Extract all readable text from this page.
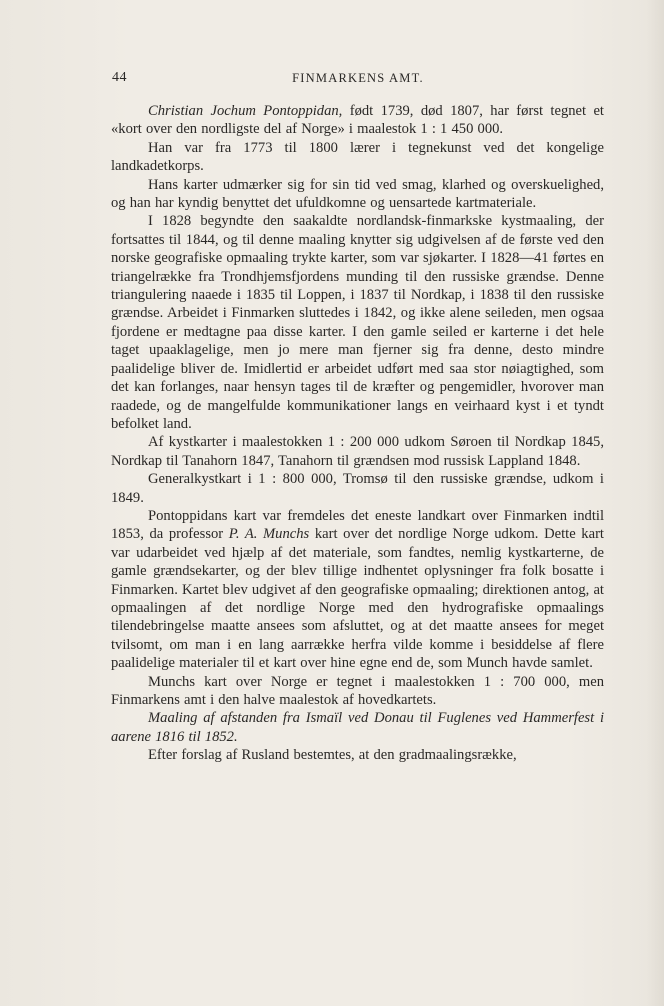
44	FINMARKENS AMT.

Christian Jochum Pontoppidan, født 1739, død 1807, har først tegnet et «kort over den nordligste del af Norge» i maalestok 1 : 1 450 000.

Han var fra 1773 til 1800 lærer i tegnekunst ved det kongelige landkadetkorps.

Hans karter udmærker sig for sin tid ved smag, klarhed og overskuelighed, og han har kyndig benyttet det ufuldkomne og uensartede kartmateriale.

I 1828 begyndte den saakaldte nordlandsk-finmarkske kystmaaling, der fortsattes til 1844, og til denne maaling knytter sig udgivelsen af de første ved den norske geografiske opmaaling trykte karter, som var sjøkarter. I 1828—41 førtes en triangelrække fra Trondhjemsfjordens munding til den russiske grændse. Denne triangulering naaede i 1835 til Loppen, i 1837 til Nordkap, i 1838 til den russiske grændse. Arbeidet i Finmarken sluttedes i 1842, og ikke alene seileden, men ogsaa fjordene er medtagne paa disse karter. I den gamle seiled er karterne i det hele taget upaaklagelige, men jo mere man fjerner sig fra denne, desto mindre paalidelige bliver de. Imidlertid er arbeidet udført med saa stor nøiagtighed, som det kan forlanges, naar hensyn tages til de kræfter og pengemidler, hvorover man raadede, og de mangelfulde kommunikationer langs en veirhaard kyst i et tyndt befolket land.

Af kystkarter i maalestokken 1 : 200 000 udkom Søroen til Nordkap 1845, Nordkap til Tanahorn 1847, Tanahorn til grændsen mod russisk Lappland 1848.

Generalkystkart i 1 : 800 000, Tromsø til den russiske grændse, udkom i 1849.

Pontoppidans kart var fremdeles det eneste landkart over Finmarken indtil 1853, da professor P. A. Munchs kart over det nordlige Norge udkom. Dette kart var udarbeidet ved hjælp af det materiale, som fandtes, nemlig kystkarterne, de gamle grændsekarter, og der blev tillige indhentet oplysninger fra folk bosatte i Finmarken. Kartet blev udgivet af den geografiske opmaaling; direktionen antog, at opmaalingen af det nordlige Norge med den hydrografiske opmaalings tilendebringelse maatte ansees som afsluttet, og at det maatte ansees for meget tvilsomt, om man i en lang aarrække herfra vilde komme i besiddelse af flere paalidelige materialer til et kart over hine egne end de, som Munch havde samlet.

Munchs kart over Norge er tegnet i maalestokken 1 : 700 000, men Finmarkens amt i den halve maalestok af hovedkartets.

Maaling af afstanden fra Ismaïl ved Donau til Fuglenes ved Hammerfest i aarene 1816 til 1852.

Efter forslag af Rusland bestemtes, at den gradmaalingsrække,
